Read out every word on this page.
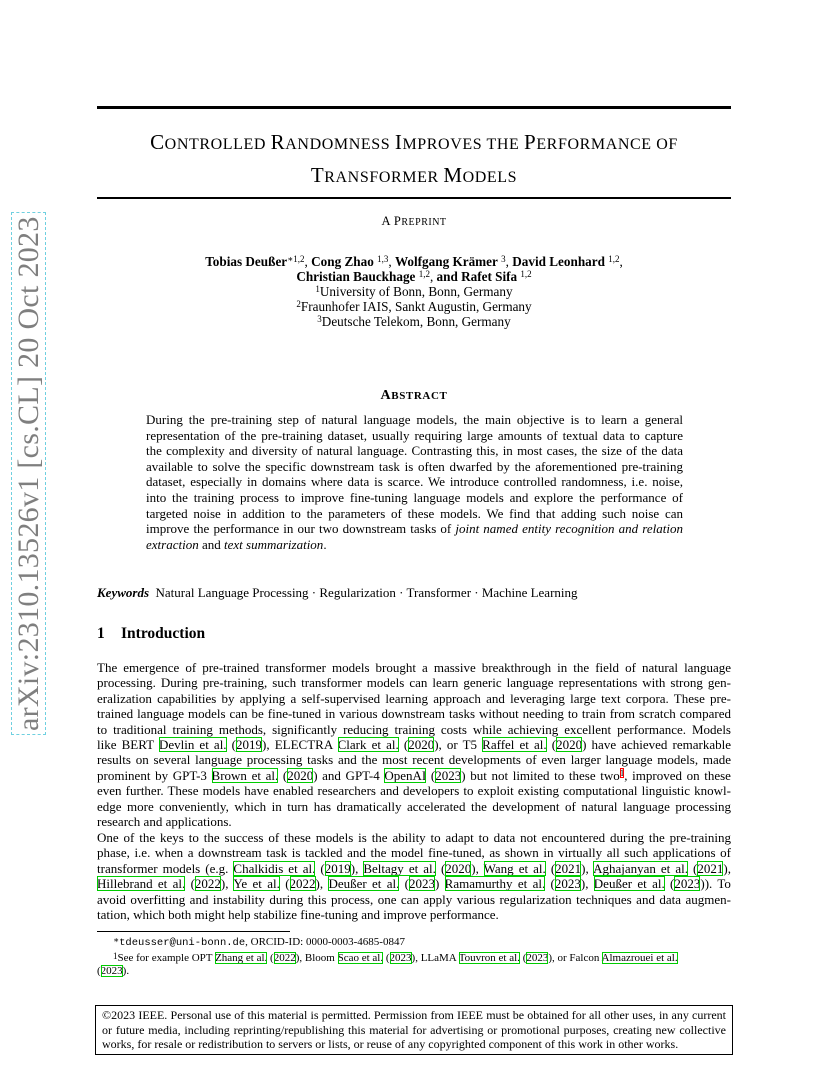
arXiv:2310.13526v1 [cs.CL] 20 Oct 2023
CONTROLLED RANDOMNESS IMPROVES THE PERFORMANCE OF
TRANSFORMER MODELS
A PREPRINT
Tobias Deußer$^{∗1,2}$, Cong Zhao $^{1,3}$, Wolfgang Krämer $^3$, David Leonhard $^{1,2}$,
Christian Bauckhage $^{1,2}$, and Rafet Sifa $^{1,2}$
$^1$University of Bonn, Bonn, Germany
$^2$Fraunhofer IAIS, Sankt Augustin, Germany
$^3$Deutsche Telekom, Bonn, Germany
ABSTRACT
During the pre-training step of natural language models, the main objective is to learn a general
representation of the pre-training dataset, usually requiring large amounts of textual data to capture
the complexity and diversity of natural language. Contrasting this, in most cases, the size of the data
available to solve the specific downstream task is often dwarfed by the aforementioned pre-training
dataset, especially in domains where data is scarce. We introduce controlled randomness, i.e. noise,
into the training process to improve fine-tuning language models and explore the performance of
targeted noise in addition to the parameters of these models. We find that adding such noise can
improve the performance in our two downstream tasks of joint named entity recognition and relation
extraction and text summarization.
Keywords Natural Language Processing · Regularization · Transformer · Machine Learning
1 Introduction
The emergence of pre-trained transformer models brought a massive breakthrough in the field of natural language
processing. During pre-training, such transformer models can learn generic language representations with strong gen-
eralization capabilities by applying a self-supervised learning approach and leveraging large text corpora. These pre-
trained language models can be fine-tuned in various downstream tasks without needing to train from scratch compared
to traditional training methods, significantly reducing training costs while achieving excellent performance. Models
like BERT Devlin et al. (2019), ELECTRA Clark et al. (2020), or T5 Raffel et al. (2020) have achieved remarkable
results on several language processing tasks and the most recent developments of even larger language models, made
prominent by GPT-3 Brown et al. (2020) and GPT-4 OpenAI (2023) but not limited to these two$^1$, improved on these
even further. These models have enabled researchers and developers to exploit existing computational linguistic knowl-
edge more conveniently, which in turn has dramatically accelerated the development of natural language processing
research and applications.
One of the keys to the success of these models is the ability to adapt to data not encountered during the pre-training
phase, i.e. when a downstream task is tackled and the model fine-tuned, as shown in virtually all such applications of
transformer models (e.g. Chalkidis et al. (2019), Beltagy et al. (2020), Wang et al. (2021), Aghajanyan et al. (2021),
Hillebrand et al. (2022), Ye et al. (2022), Deußer et al. (2023) Ramamurthy et al. (2023), Deußer et al. (2023)). To
avoid overfitting and instability during this process, one can apply various regularization techniques and data augmen-
tation, which both might help stabilize fine-tuning and improve performance.
∗tdeusser@uni-bonn.de, ORCID-ID: 0000-0003-4685-0847
$^1$See for example OPT Zhang et al. (2022), Bloom Scao et al. (2023), LLaMA Touvron et al. (2023), or Falcon Almazrouei et al.
(2023).
©2023 IEEE. Personal use of this material is permitted. Permission from IEEE must be obtained for all other uses, in any current
or future media, including reprinting/republishing this material for advertising or promotional purposes, creating new collective
works, for resale or redistribution to servers or lists, or reuse of any copyrighted component of this work in other works.
